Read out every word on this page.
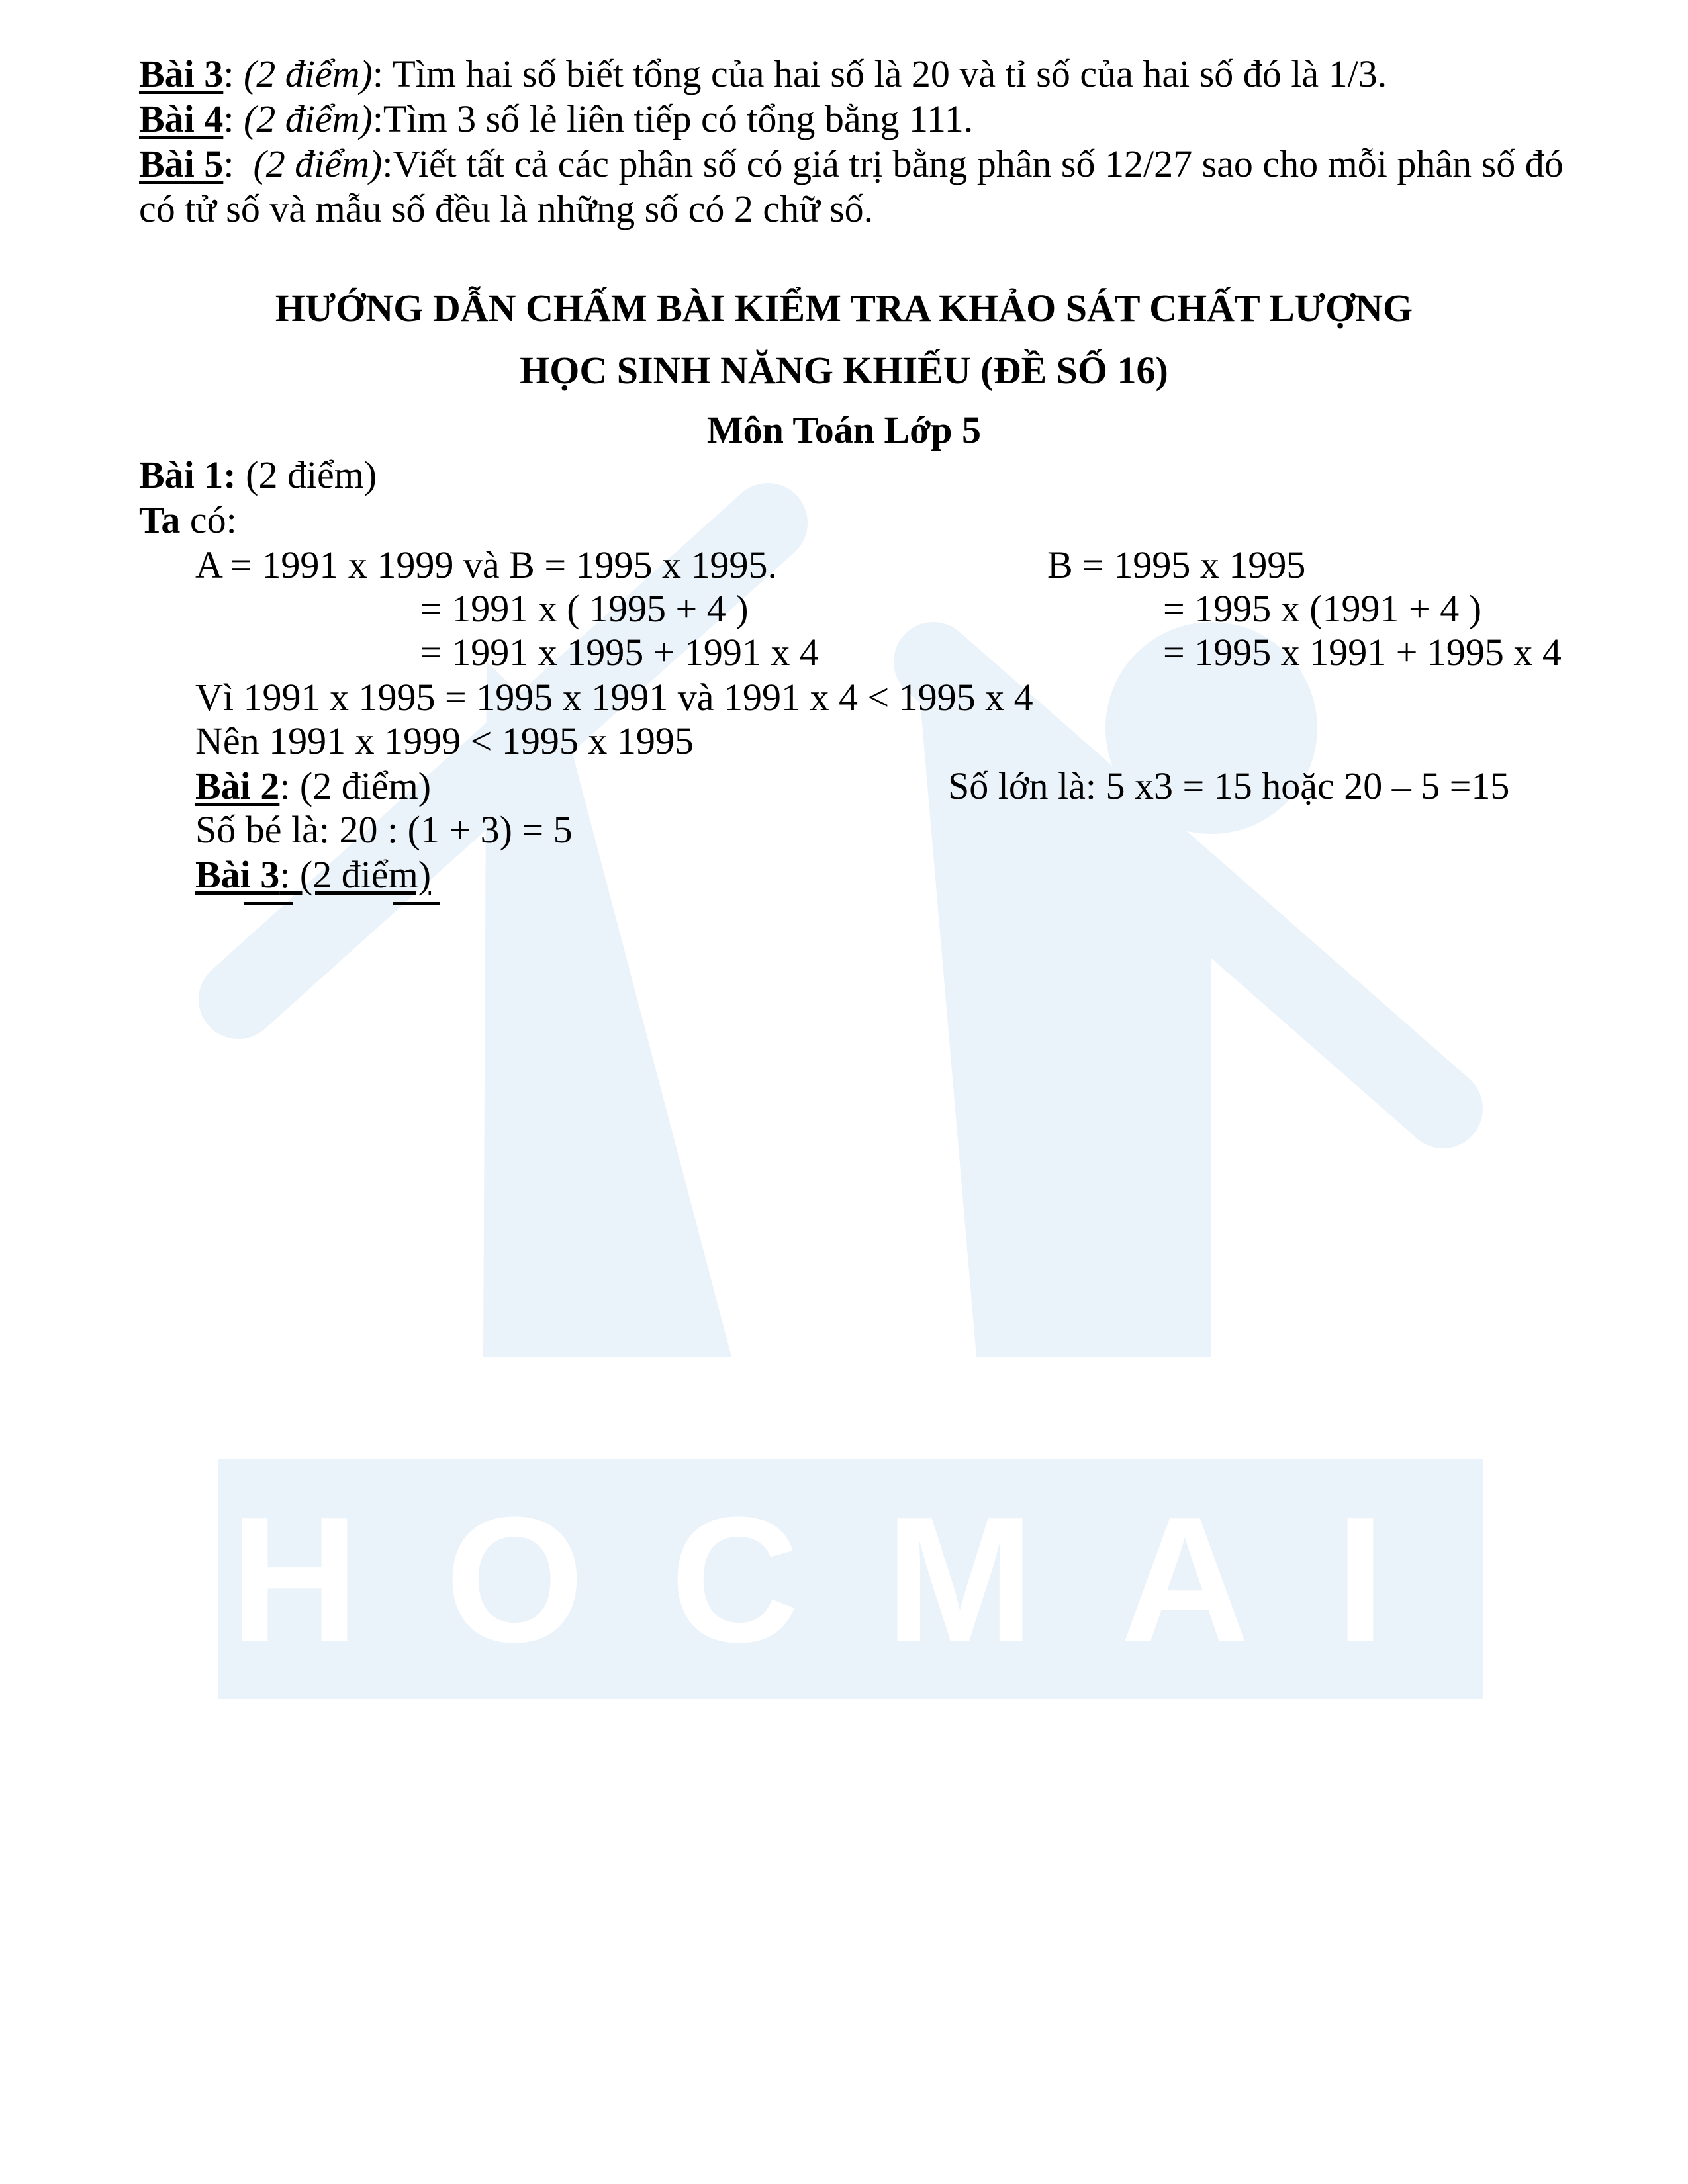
HOCMAI
Bài 3: (2 điểm): Tìm hai số biết tổng của hai số là 20 và tỉ số của hai số đó là 1/3.
Bài 4: (2 điểm):Tìm 3 số lẻ liên tiếp có tổng bằng 111.
Bài 5: (2 điểm):Viết tất cả các phân số có giá trị bằng phân số 12/27 sao cho mỗi phân số đó
có tử số và mẫu số đều là những số có 2 chữ số.
HƯỚNG DẪN CHẤM BÀI KIỂM TRA KHẢO SÁT CHẤT LƯỢNG
HỌC SINH NĂNG KHIẾU (ĐỀ SỐ 16)
Môn Toán Lớp 5
Bài 1: (2 điểm)
Ta có:
A = 1991 x 1999 và B = 1995 x 1995.
= 1991 x ( 1995 + 4 )
= 1991 x 1995 + 1991 x 4
B = 1995 x 1995
= 1995 x (1991 + 4 )
= 1995 x 1991 + 1995 x 4
Vì 1991 x 1995 = 1995 x 1991 và 1991 x 4 < 1995 x 4
Nên 1991 x 1999 < 1995 x 1995
Bài 2: (2 điểm)	Số lớn là: 5 x3 = 15 hoặc 20 – 5 =15
Số bé là: 20 : (1 + 3) = 5
Bài 3: (2 điểm)
